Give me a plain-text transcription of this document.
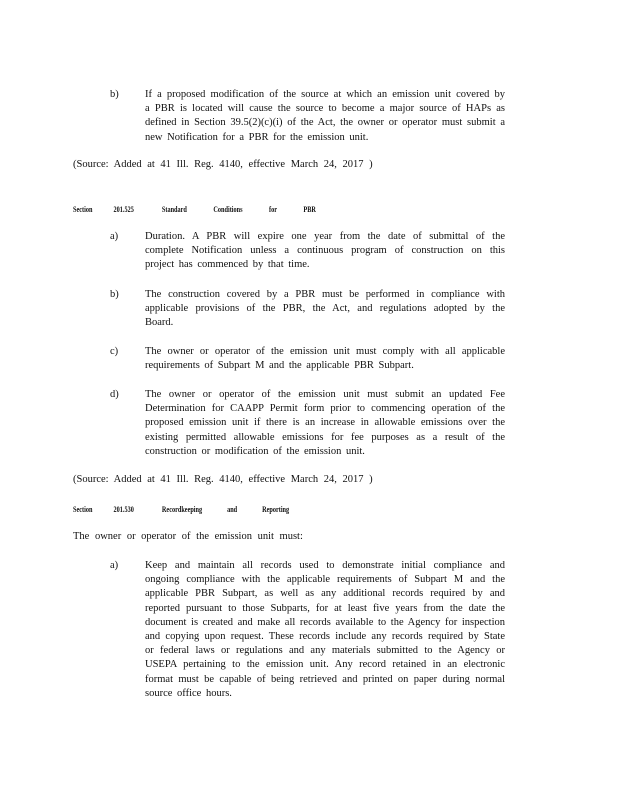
b)	If a proposed modification of the source at which an emission unit covered by a PBR is located will cause the source to become a major source of HAPs as defined in Section 39.5(2)(c)(i) of the Act, the owner or operator must submit a new Notification for a PBR for the emission unit.
(Source: Added at 41 Ill. Reg. 4140, effective March 24, 2017 )
Section	201.525	Standard Conditions for PBR
a)	Duration. A PBR will expire one year from the date of submittal of the complete Notification unless a continuous program of construction on this project has commenced by that time.
b)	The construction covered by a PBR must be performed in compliance with applicable provisions of the PBR, the Act, and regulations adopted by the Board.
c)	The owner or operator of the emission unit must comply with all applicable requirements of Subpart M and the applicable PBR Subpart.
d)	The owner or operator of the emission unit must submit an updated Fee Determination for CAAPP Permit form prior to commencing operation of the proposed emission unit if there is an increase in allowable emissions over the existing permitted allowable emissions for fee purposes as a result of the construction or modification of the emission unit.
(Source: Added at 41 Ill. Reg. 4140, effective March 24, 2017 )
Section	201.530	Recordkeeping and Reporting
The owner or operator of the emission unit must:
a)	Keep and maintain all records used to demonstrate initial compliance and ongoing compliance with the applicable requirements of Subpart M and the applicable PBR Subpart, as well as any additional records required by and reported pursuant to those Subparts, for at least five years from the date the document is created and make all records available to the Agency for inspection and copying upon request. These records include any records required by State or federal laws or regulations and any materials submitted to the Agency or USEPA pertaining to the emission unit. Any record retained in an electronic format must be capable of being retrieved and printed on paper during normal source office hours.
